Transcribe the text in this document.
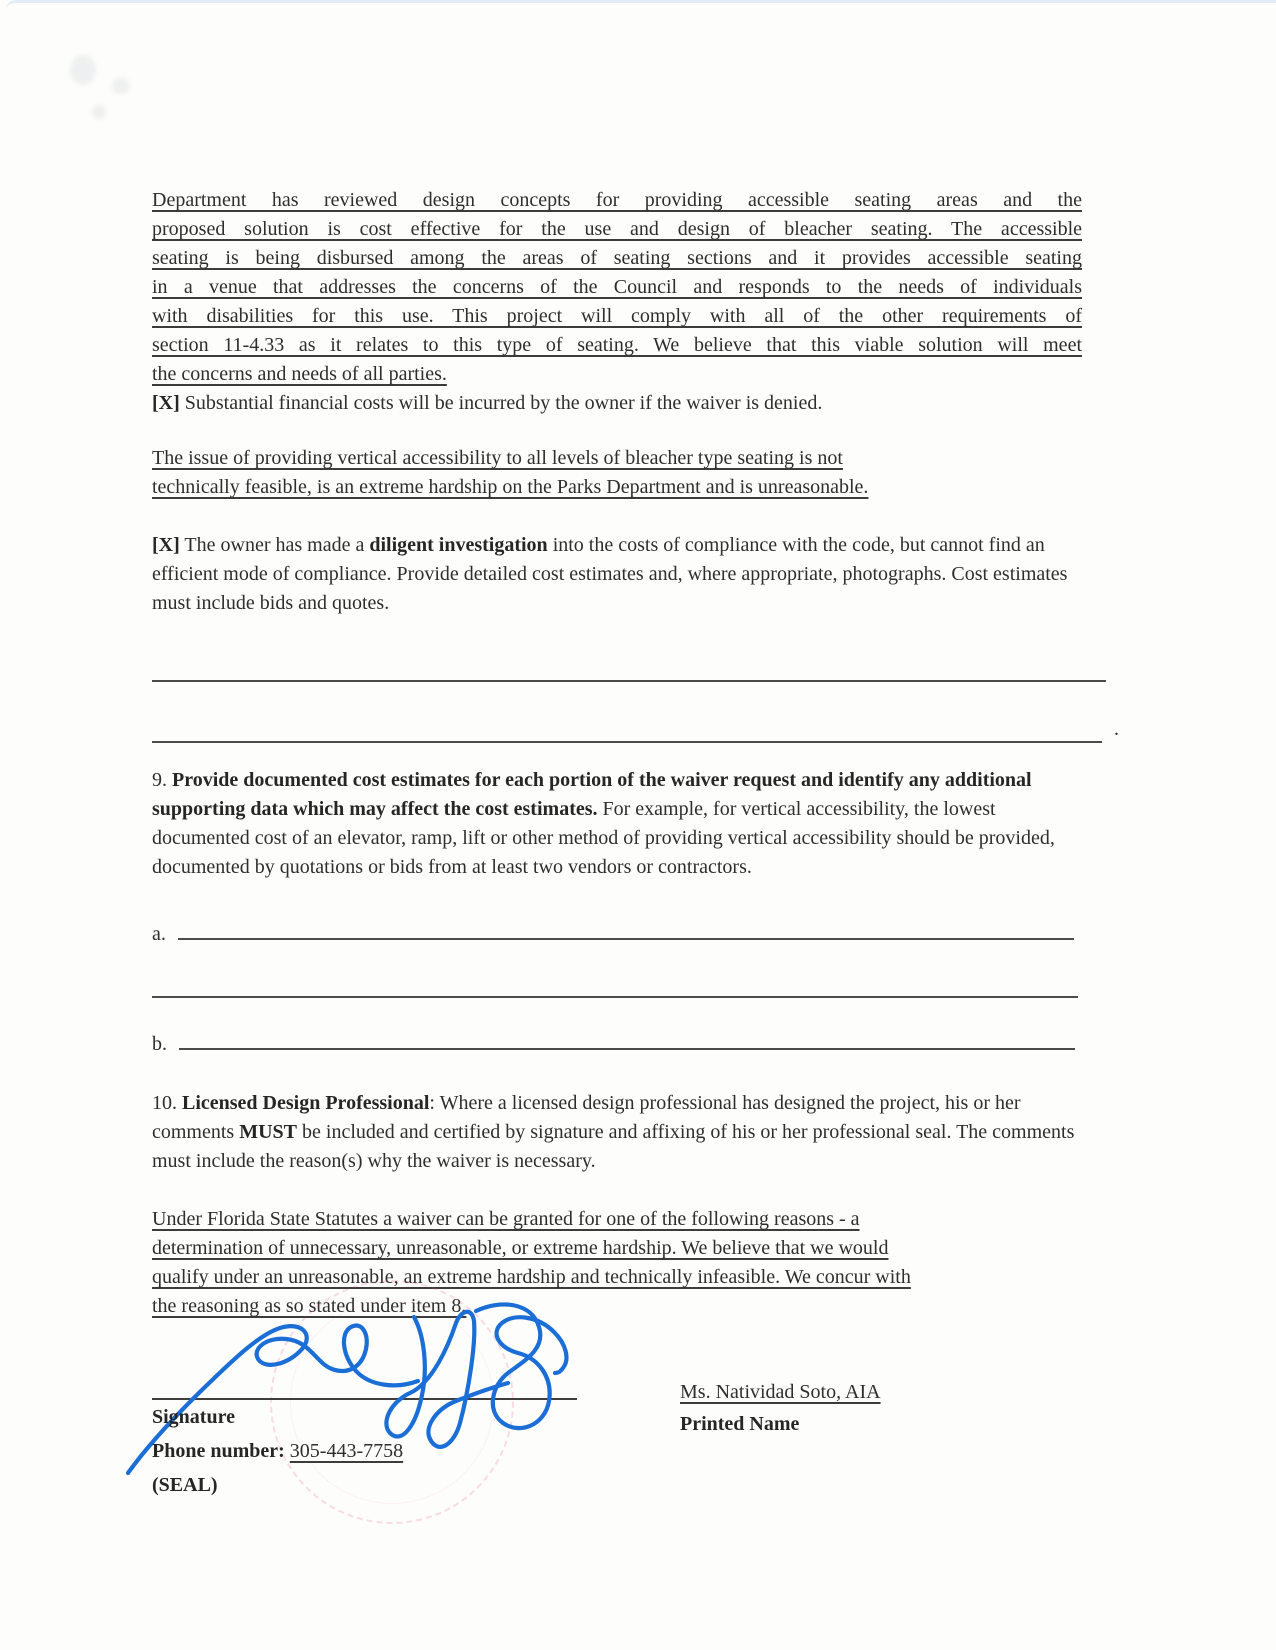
Department has reviewed design concepts for providing accessible seating areas and the
proposed solution is cost effective for the use and design of bleacher seating. The accessible
seating is being disbursed among the areas of seating sections and it provides accessible seating
in a venue that addresses the concerns of the Council and responds to the needs of individuals
with disabilities for this use. This project will comply with all of the other requirements of
section 11-4.33 as it relates to this type of seating. We believe that this viable solution will meet
the concerns and needs of all parties.

[X] Substantial financial costs will be incurred by the owner if the waiver is denied.

The issue of providing vertical accessibility to all levels of bleacher type seating is not
technically feasible, is an extreme hardship on the Parks Department and is unreasonable.

[X] The owner has made a diligent investigation into the costs of compliance with the code, but cannot find an efficient mode of compliance. Provide detailed cost estimates and, where appropriate, photographs. Cost estimates must include bids and quotes.

.

9. Provide documented cost estimates for each portion of the waiver request and identify any additional supporting data which may affect the cost estimates. For example, for vertical accessibility, the lowest documented cost of an elevator, ramp, lift or other method of providing vertical accessibility should be provided, documented by quotations or bids from at least two vendors or contractors.

a.
b.

10. Licensed Design Professional: Where a licensed design professional has designed the project, his or her comments MUST be included and certified by signature and affixing of his or her professional seal. The comments must include the reason(s) why the waiver is necessary.

Under Florida State Statutes a waiver can be granted for one of the following reasons - a
determination of unnecessary, unreasonable, or extreme hardship. We believe that we would
qualify under an unreasonable, an extreme hardship and technically infeasible. We concur with
the reasoning as so stated under item 8.
Signature
Phone number: 305-443-7758
(SEAL)
Ms. Natividad Soto, AIA
Printed Name
